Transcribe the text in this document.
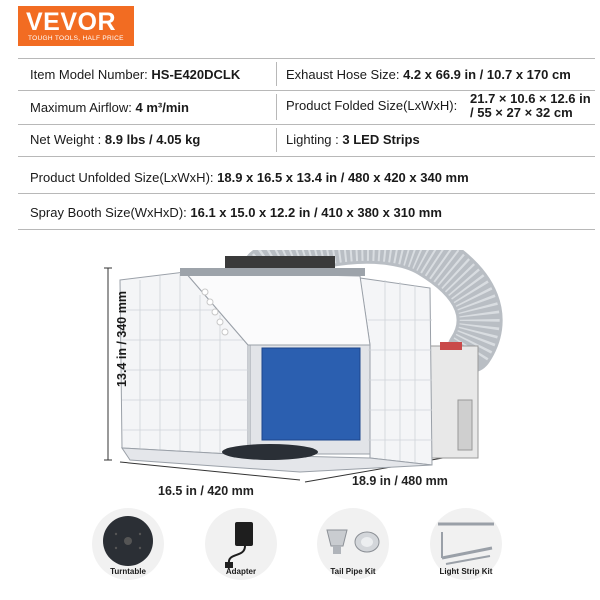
VEVOR
TOUGH TOOLS, HALF PRICE
Item Model Number: HS-E420DCLK	Exhaust Hose Size: 4.2 x 66.9 in / 10.7 x 170 cm
Maximum Airflow: 4 m³/min	Product Folded Size(LxWxH): 21.7 × 10.6 × 12.6 in
/ 55 × 27 × 32 cm
Net Weight : 8.9 lbs / 4.05 kg	Lighting : 3 LED Strips
Product Unfolded Size(LxWxH): 18.9 x 16.5 x 13.4 in / 480 x 420 x 340 mm
Spray Booth Size(WxHxD): 16.1 x 15.0 x 12.2 in / 410 x 380 x 310 mm
13.4 in / 340 mm
16.5 in / 420 mm
18.9 in / 480 mm
Turntable	Adapter	Tail Pipe Kit	Light Strip Kit
